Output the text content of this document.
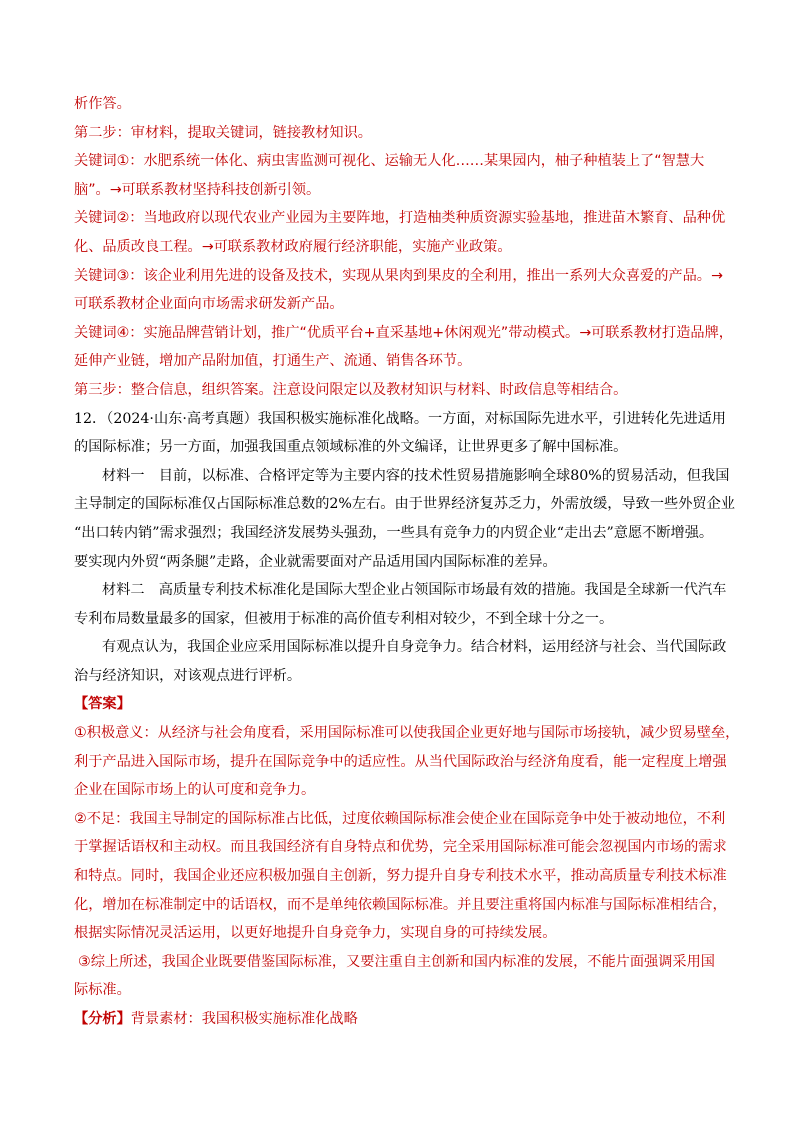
析作答。

第二步：审材料，提取关键词，链接教材知识。

关键词①：水肥系统一体化、病虫害监测可视化、运输无人化……某果园内，柚子种植装上了“智慧大

脑”。→可联系教材坚持科技创新引领。

关键词②：当地政府以现代农业产业园为主要阵地，打造柚类种质资源实验基地，推进苗木繁育、品种优

化、品质改良工程。→可联系教材政府履行经济职能，实施产业政策。

关键词③：该企业利用先进的设备及技术，实现从果肉到果皮的全利用，推出一系列大众喜爱的产品。→

可联系教材企业面向市场需求研发新产品。

关键词④：实施品牌营销计划，推广“优质平台+直采基地+休闲观光”带动模式。→可联系教材打造品牌，

延伸产业链，增加产品附加值，打通生产、流通、销售各环节。

第三步：整合信息，组织答案。注意设问限定以及教材知识与材料、时政信息等相结合。

12．（2024·山东·高考真题）我国积极实施标准化战略。一方面，对标国际先进水平，引进转化先进适用

的国际标准；另一方面，加强我国重点领域标准的外文编译，让世界更多了解中国标准。

材料一　目前，以标准、合格评定等为主要内容的技术性贸易措施影响全球80%的贸易活动，但我国

主导制定的国际标准仅占国际标准总数的2%左右。由于世界经济复苏乏力，外需放缓，导致一些外贸企业

“出口转内销”需求强烈；我国经济发展势头强劲，一些具有竞争力的内贸企业“走出去”意愿不断增强。

要实现内外贸“两条腿”走路，企业就需要面对产品适用国内国际标准的差异。

材料二　高质量专利技术标准化是国际大型企业占领国际市场最有效的措施。我国是全球新一代汽车

专利布局数量最多的国家，但被用于标准的高价值专利相对较少，不到全球十分之一。

有观点认为，我国企业应采用国际标准以提升自身竞争力。结合材料，运用经济与社会、当代国际政

治与经济知识，对该观点进行评析。

【答案】

①积极意义：从经济与社会角度看，采用国际标准可以使我国企业更好地与国际市场接轨，减少贸易壁垒，

利于产品进入国际市场，提升在国际竞争中的适应性。从当代国际政治与经济角度看，能一定程度上增强

企业在国际市场上的认可度和竞争力。

②不足：我国主导制定的国际标准占比低，过度依赖国际标准会使企业在国际竞争中处于被动地位，不利

于掌握话语权和主动权。而且我国经济有自身特点和优势，完全采用国际标准可能会忽视国内市场的需求

和特点。同时，我国企业还应积极加强自主创新，努力提升自身专利技术水平，推动高质量专利技术标准

化，增加在标准制定中的话语权，而不是单纯依赖国际标准。并且要注重将国内标准与国际标准相结合，

根据实际情况灵活运用，以更好地提升自身竞争力，实现自身的可持续发展。

③综上所述，我国企业既要借鉴国际标准，又要注重自主创新和国内标准的发展，不能片面强调采用国

际标准。

【分析】背景素材：我国积极实施标准化战略
